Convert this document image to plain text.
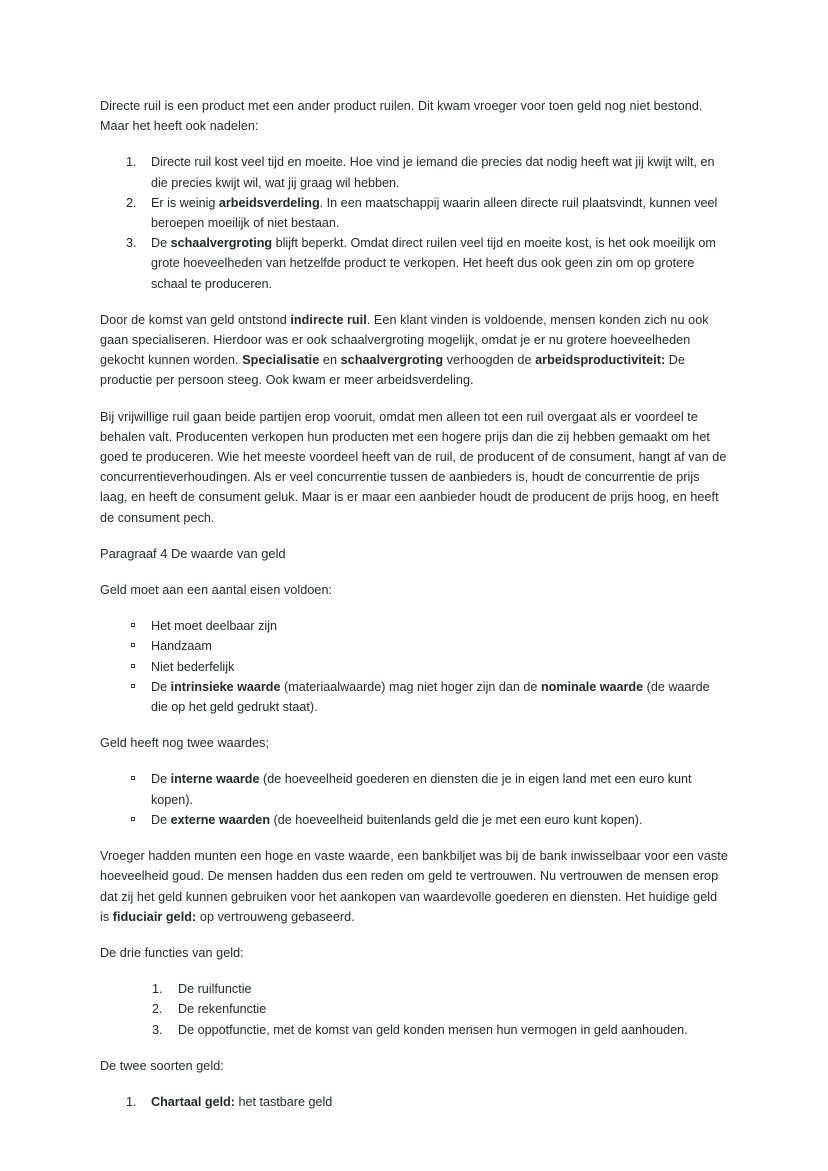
Directe ruil is een product met een ander product ruilen. Dit kwam vroeger voor toen geld nog niet bestond. Maar het heeft ook nadelen:

Directe ruil kost veel tijd en moeite. Hoe vind je iemand die precies dat nodig heeft wat jij kwijt wilt, en die precies kwijt wil, wat jij graag wil hebben.
Er is weinig arbeidsverdeling. In een maatschappij waarin alleen directe ruil plaatsvindt, kunnen veel beroepen moeilijk of niet bestaan.
De schaalvergroting blijft beperkt. Omdat direct ruilen veel tijd en moeite kost, is het ook moeilijk om grote hoeveelheden van hetzelfde product te verkopen. Het heeft dus ook geen zin om op grotere schaal te produceren.

Door de komst van geld ontstond indirecte ruil. Een klant vinden is voldoende, mensen konden zich nu ook gaan specialiseren. Hierdoor was er ook schaalvergroting mogelijk, omdat je er nu grotere hoeveelheden gekocht kunnen worden. Specialisatie en schaalvergroting verhoogden de arbeidsproductiviteit: De productie per persoon steeg. Ook kwam er meer arbeidsverdeling.

Bij vrijwillige ruil gaan beide partijen erop vooruit, omdat men alleen tot een ruil overgaat als er voordeel te behalen valt. Producenten verkopen hun producten met een hogere prijs dan die zij hebben gemaakt om het goed te produceren. Wie het meeste voordeel heeft van de ruil, de producent of de consument, hangt af van de concurrentieverhoudingen. Als er veel concurrentie tussen de aanbieders is, houdt de concurrentie de prijs laag, en heeft de consument geluk. Maar is er maar een aanbieder houdt de producent de prijs hoog, en heeft de consument pech.

Paragraaf 4 De waarde van geld

Geld moet aan een aantal eisen voldoen:

Het moet deelbaar zijn
Handzaam
Niet bederfelijk
De intrinsieke waarde (materiaalwaarde) mag niet hoger zijn dan de nominale waarde (de waarde die op het geld gedrukt staat).

Geld heeft nog twee waardes;

De interne waarde (de hoeveelheid goederen en diensten die je in eigen land met een euro kunt kopen).
De externe waarden (de hoeveelheid buitenlands geld die je met een euro kunt kopen).

Vroeger hadden munten een hoge en vaste waarde, een bankbiljet was bij de bank inwisselbaar voor een vaste hoeveelheid goud. De mensen hadden dus een reden om geld te vertrouwen. Nu vertrouwen de mensen erop dat zij het geld kunnen gebruiken voor het aankopen van waardevolle goederen en diensten. Het huidige geld is fiduciair geld: op vertrouweng gebaseerd.

De drie functies van geld:

De ruilfunctie
De rekenfunctie
De oppotfunctie, met de komst van geld konden mensen hun vermogen in geld aanhouden.

De twee soorten geld:

Chartaal geld: het tastbare geld
